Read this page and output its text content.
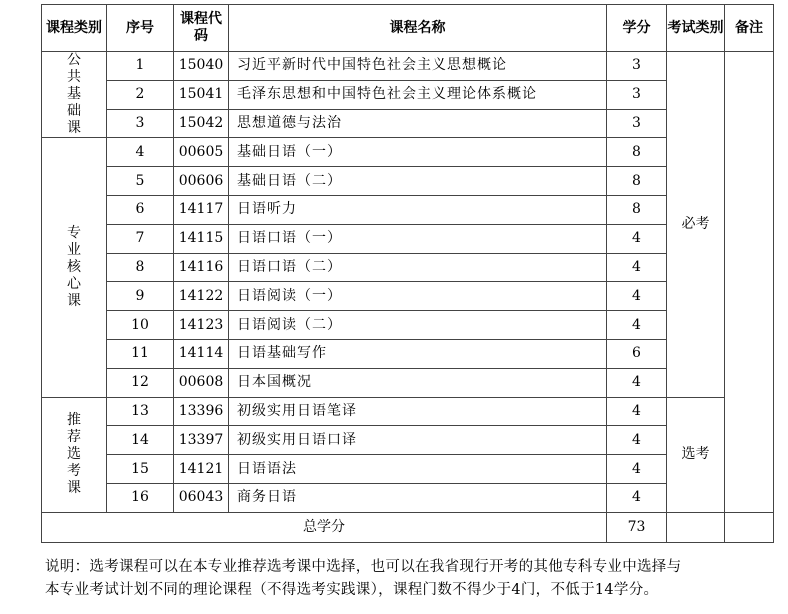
课程类别	序号	课程代码	课程名称	学分	考试类别	备注
公共基础课	1	15040	习近平新时代中国特色社会主义思想概论	3	必考	
	2	15041	毛泽东思想和中国特色社会主义理论体系概论	3		
	3	15042	思想道德与法治	3		
专业核心课	4	00605	基础日语（一）	8		
	5	00606	基础日语（二）	8		
	6	14117	日语听力	8		
	7	14115	日语口语（一）	4		
	8	14116	日语口语（二）	4		
	9	14122	日语阅读（一）	4		
	10	14123	日语阅读（二）	4		
	11	14114	日语基础写作	6		
	12	00608	日本国概况	4		
推荐选考课	13	13396	初级实用日语笔译	4	选考	
	14	13397	初级实用日语口译	4		
	15	14121	日语语法	4		
	16	06043	商务日语	4		
总学分				73		
说明：选考课程可以在本专业推荐选考课中选择，也可以在我省现行开考的其他专科专业中选择与
本专业考试计划不同的理论课程（不得选考实践课），课程门数不得少于4门，不低于14学分。
